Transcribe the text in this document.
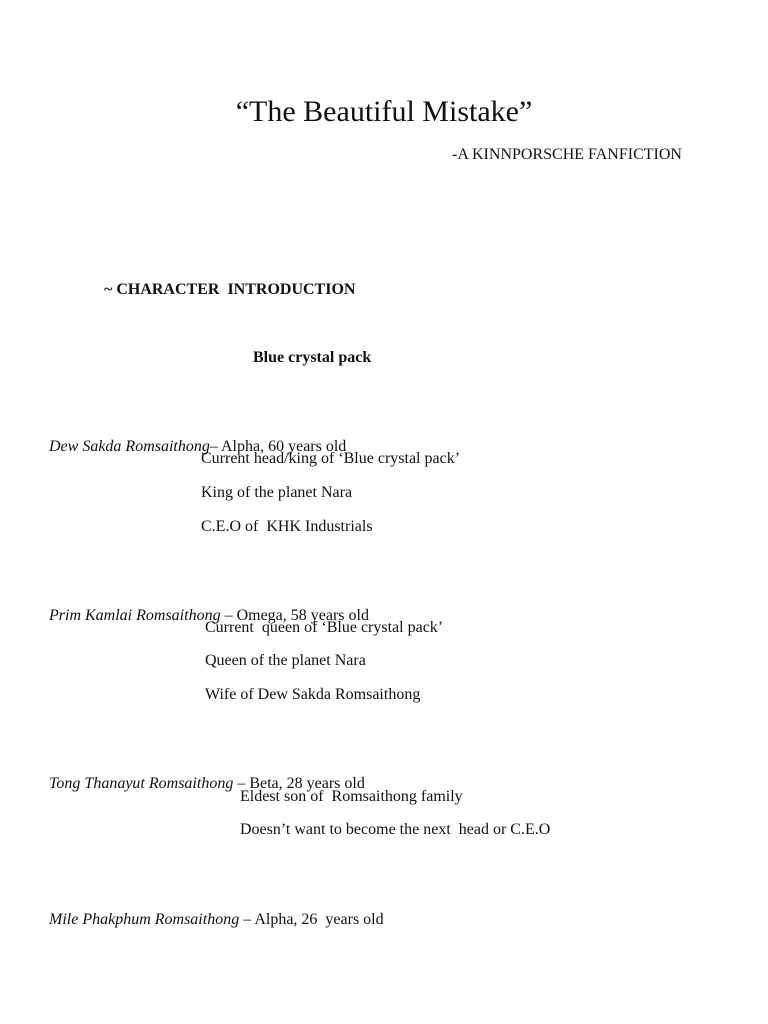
“The Beautiful Mistake”
-A KINNPORSCHE FANFICTION
~ CHARACTER  INTRODUCTION
Blue crystal pack

Dew Sakda Romsaithong– Alpha, 60 years old

Current head/king of ‘Blue crystal pack’
King of the planet Nara
C.E.O of  KHK Industrials

Prim Kamlai Romsaithong – Omega, 58 years old

Current  queen of ‘Blue crystal pack’
Queen of the planet Nara
Wife of Dew Sakda Romsaithong

Tong Thanayut Romsaithong – Beta, 28 years old

Eldest son of  Romsaithong family
Doesn’t want to become the next  head or C.E.O

Mile Phakphum Romsaithong – Alpha, 26  years old
